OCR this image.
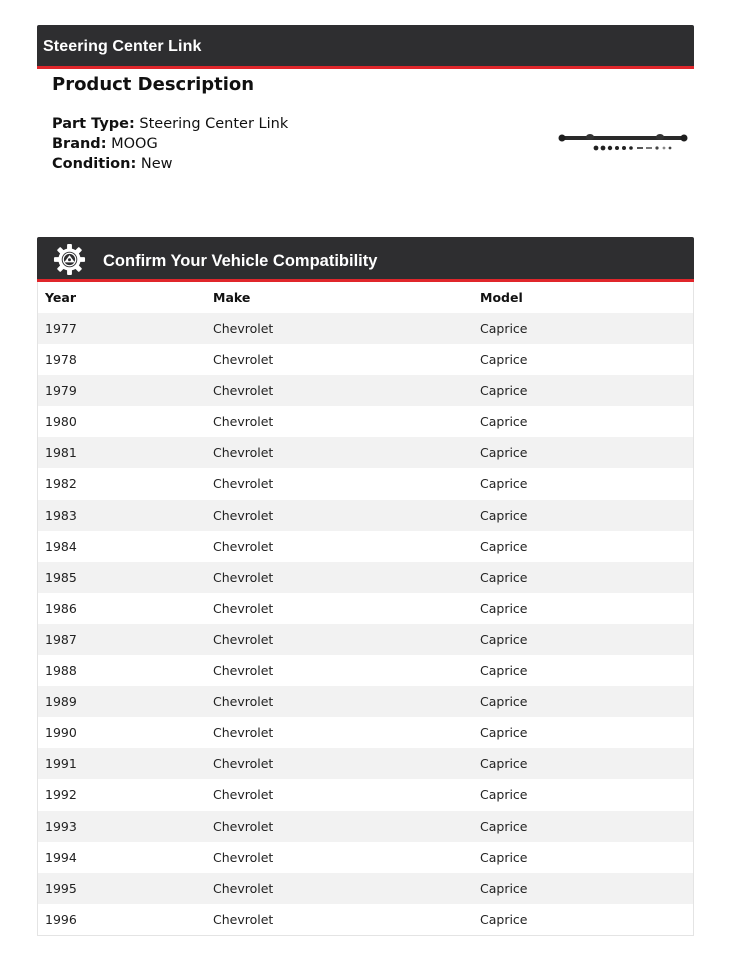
Steering Center Link
Product Description
Part Type: Steering Center Link
Brand: MOOG
Condition: New
Confirm Your Vehicle Compatibility
Year	Make	Model
1977	Chevrolet	Caprice
1978	Chevrolet	Caprice
1979	Chevrolet	Caprice
1980	Chevrolet	Caprice
1981	Chevrolet	Caprice
1982	Chevrolet	Caprice
1983	Chevrolet	Caprice
1984	Chevrolet	Caprice
1985	Chevrolet	Caprice
1986	Chevrolet	Caprice
1987	Chevrolet	Caprice
1988	Chevrolet	Caprice
1989	Chevrolet	Caprice
1990	Chevrolet	Caprice
1991	Chevrolet	Caprice
1992	Chevrolet	Caprice
1993	Chevrolet	Caprice
1994	Chevrolet	Caprice
1995	Chevrolet	Caprice
1996	Chevrolet	Caprice
